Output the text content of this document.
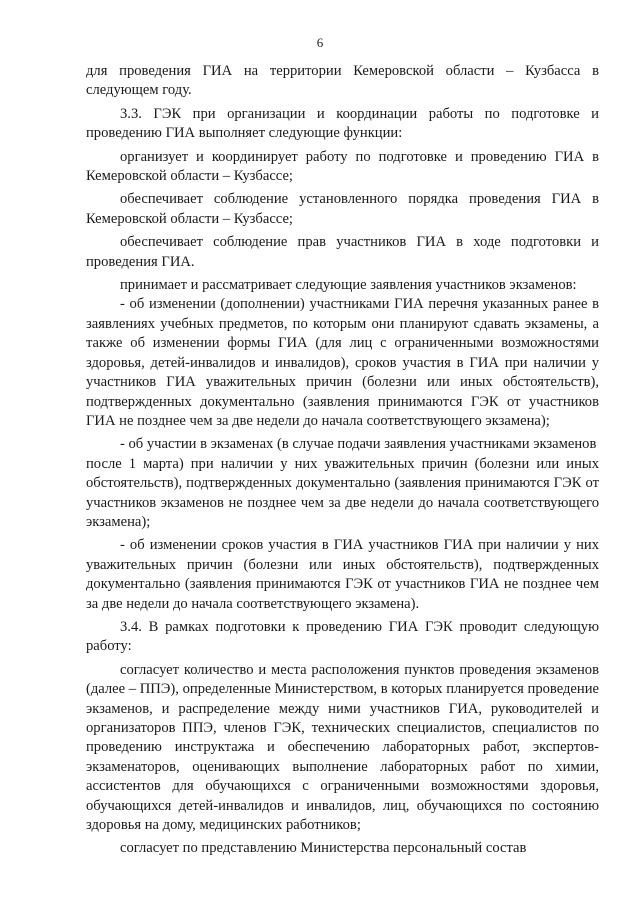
6

для проведения ГИА на территории Кемеровской области – Кузбасса в следующем году.

3.3. ГЭК при организации и координации работы по подготовке и проведению ГИА выполняет следующие функции:

организует и координирует работу по подготовке и проведению ГИА в Кемеровской области – Кузбассе;

обеспечивает соблюдение установленного порядка проведения ГИА в Кемеровской области – Кузбассе;

обеспечивает соблюдение прав участников ГИА в ходе подготовки и проведения ГИА.

принимает и рассматривает следующие заявления участников экзаменов:

- об изменении (дополнении) участниками ГИА перечня указанных ранее в заявлениях учебных предметов, по которым они планируют сдавать экзамены, а также об изменении формы ГИА (для лиц с ограниченными возможностями здоровья, детей-инвалидов и инвалидов), сроков участия в ГИА при наличии у участников ГИА уважительных причин (болезни или иных обстоятельств), подтвержденных документально (заявления принимаются ГЭК от участников ГИА не позднее чем за две недели до начала соответствующего экзамена);

- об участии в экзаменах (в случае подачи заявления участниками экзаменов

после 1 марта) при наличии у них уважительных причин (болезни или иных обстоятельств), подтвержденных документально (заявления принимаются ГЭК от участников экзаменов не позднее чем за две недели до начала соответствующего экзамена);

- об изменении сроков участия в ГИА участников ГИА при наличии у них уважительных причин (болезни или иных обстоятельств), подтвержденных документально (заявления принимаются ГЭК от участников ГИА не позднее чем за две недели до начала соответствующего экзамена).

3.4. В рамках подготовки к проведению ГИА ГЭК проводит следующую работу:

согласует количество и места расположения пунктов проведения экзаменов (далее – ППЭ), определенные Министерством, в которых планируется проведение экзаменов, и распределение между ними участников ГИА, руководителей и организаторов ППЭ, членов ГЭК, технических специалистов, специалистов по проведению инструктажа и обеспечению лабораторных работ, экспертов-экзаменаторов, оценивающих выполнение лабораторных работ по химии, ассистентов для обучающихся с ограниченными возможностями здоровья, обучающихся детей-инвалидов и инвалидов, лиц, обучающихся по состоянию здоровья на дому, медицинских работников;

согласует по представлению Министерства персональный состав
